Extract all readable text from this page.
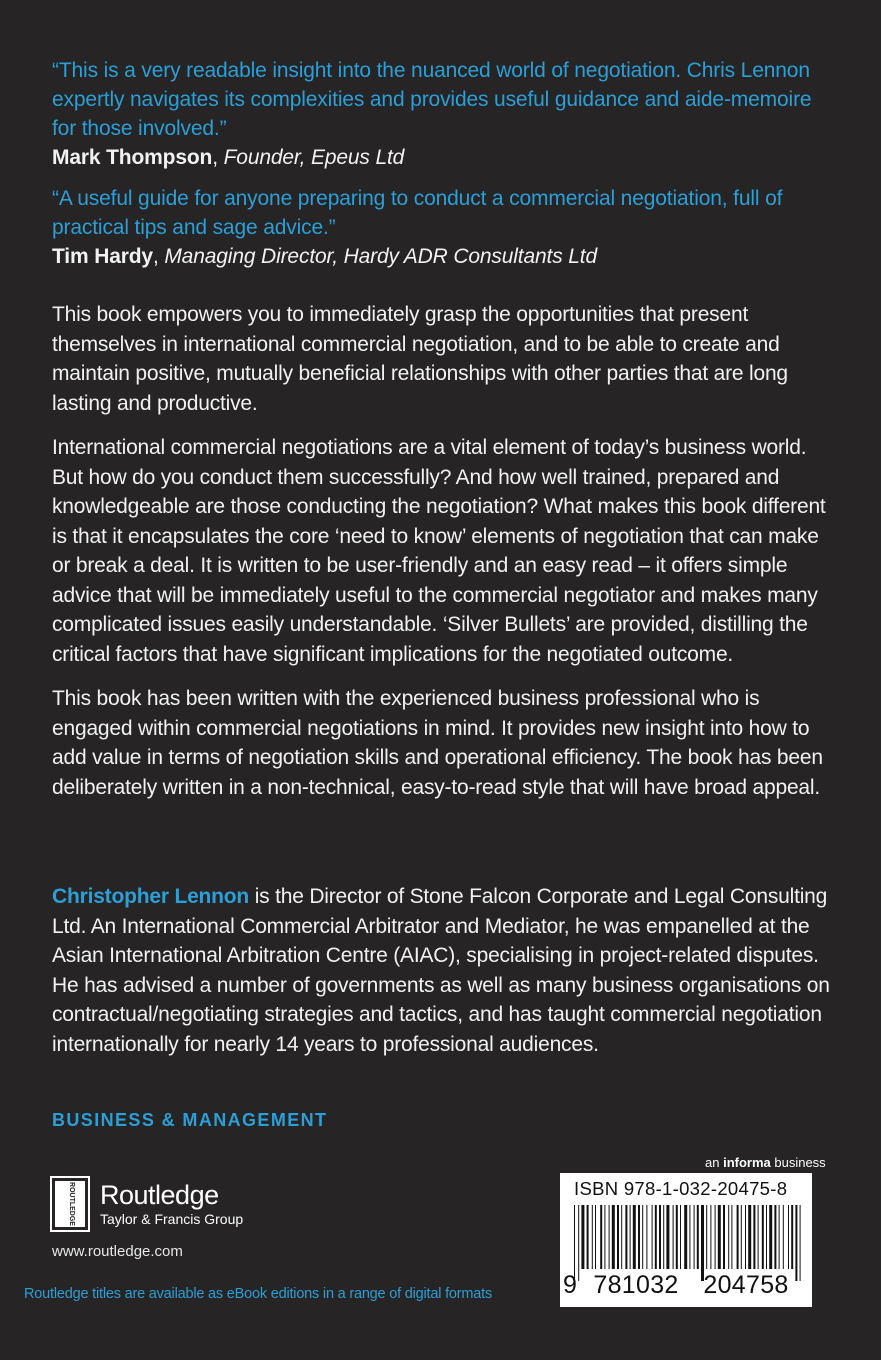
“This is a very readable insight into the nuanced world of negotiation. Chris Lennon expertly navigates its complexities and provides useful guidance and aide-memoire for those involved.”
Mark Thompson, Founder, Epeus Ltd
“A useful guide for anyone preparing to conduct a commercial negotiation, full of practical tips and sage advice.”
Tim Hardy, Managing Director, Hardy ADR Consultants Ltd

This book empowers you to immediately grasp the opportunities that present themselves in international commercial negotiation, and to be able to create and maintain positive, mutually beneficial relationships with other parties that are long lasting and productive.

International commercial negotiations are a vital element of today’s business world. But how do you conduct them successfully? And how well trained, prepared and knowledgeable are those conducting the negotiation? What makes this book different is that it encapsulates the core ‘need to know’ elements of negotiation that can make or break a deal. It is written to be user-friendly and an easy read – it offers simple advice that will be immediately useful to the commercial negotiator and makes many complicated issues easily understandable. ‘Silver Bullets’ are provided, distilling the critical factors that have significant implications for the negotiated outcome.

This book has been written with the experienced business professional who is engaged within commercial negotiations in mind. It provides new insight into how to add value in terms of negotiation skills and operational efficiency. The book has been deliberately written in a non-technical, easy-to-read style that will have broad appeal.

Christopher Lennon is the Director of Stone Falcon Corporate and Legal Consulting Ltd. An International Commercial Arbitrator and Mediator, he was empanelled at the Asian International Arbitration Centre (AIAC), specialising in project-related disputes. He has advised a number of governments as well as many business organisations on contractual/negotiating strategies and tactics, and has taught commercial negotiation internationally for nearly 14 years to professional audiences.

BUSINESS & MANAGEMENT
ROUTLEDGE Routledge
Taylor & Francis Group
www.routledge.com
Routledge titles are available as eBook editions in a range of digital formats
an informa business
ISBN 978-1-032-20475-8
9 781032 204758
